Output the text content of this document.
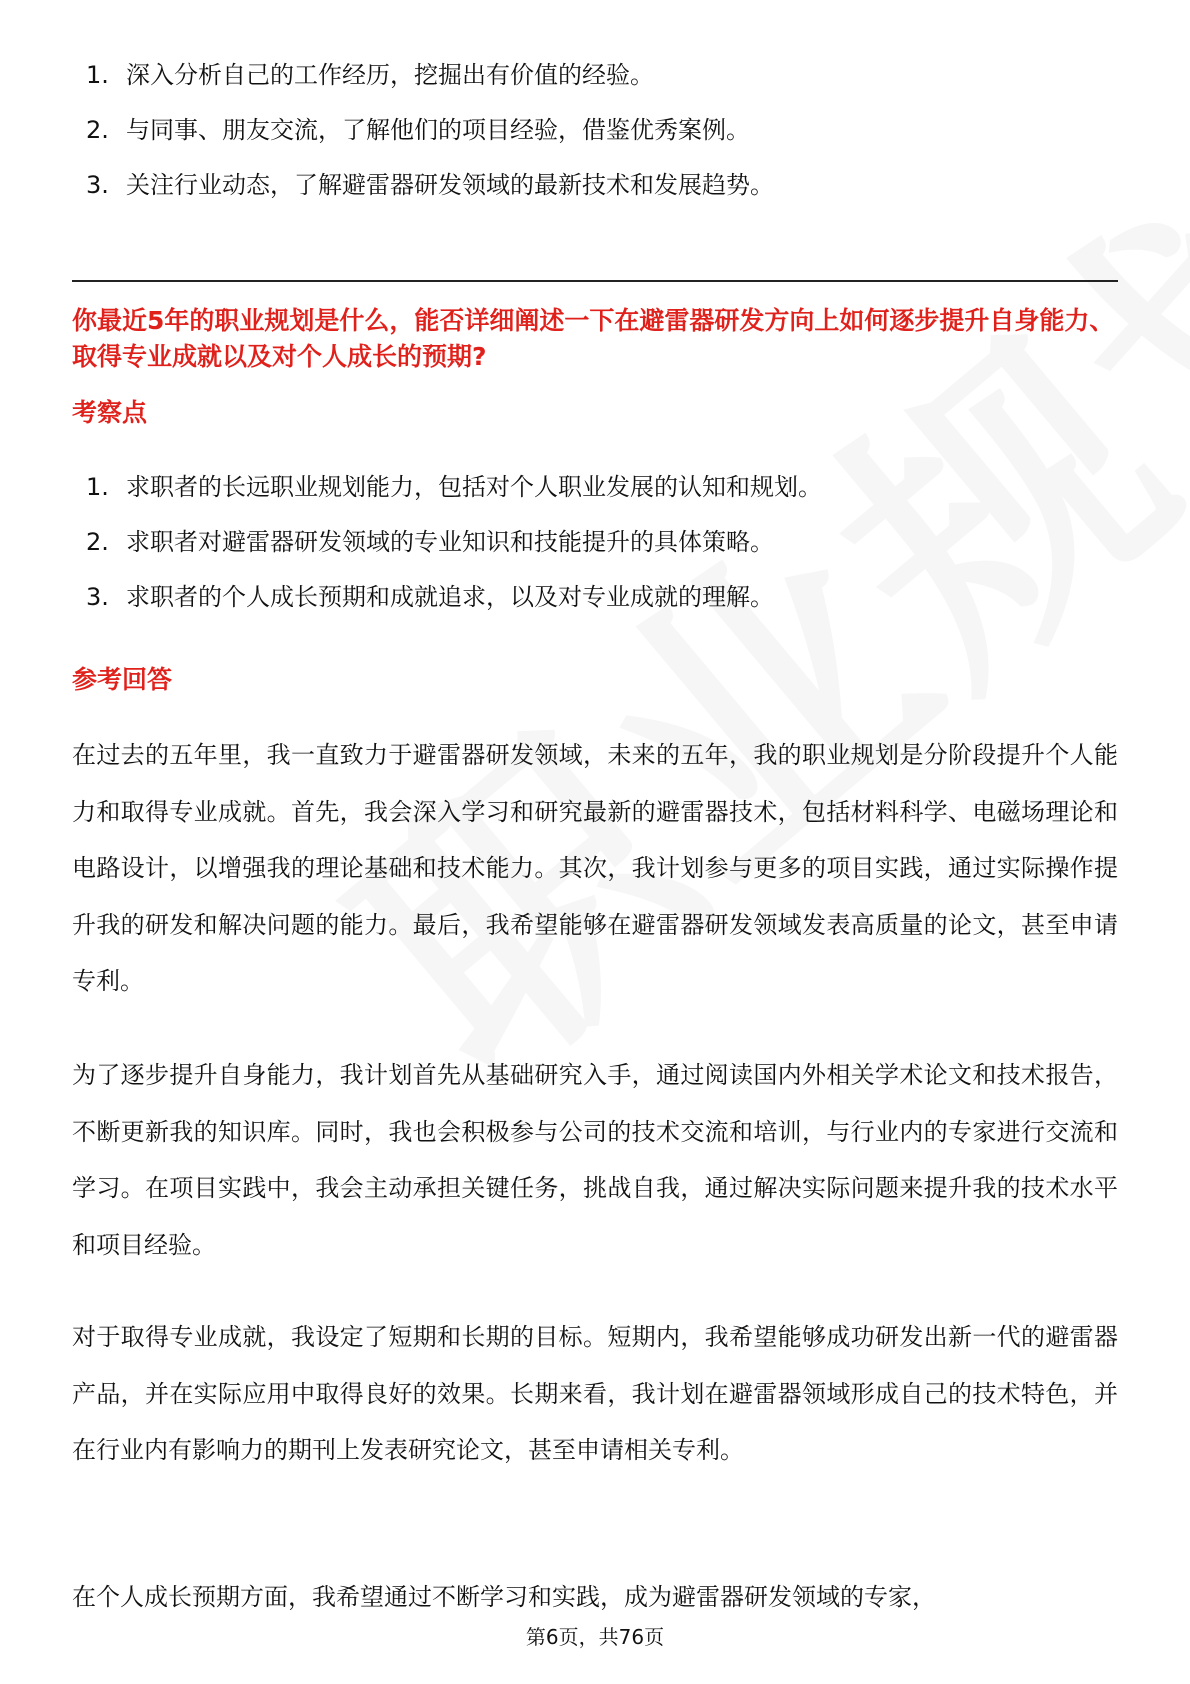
1. 深入分析自己的工作经历，挖掘出有价值的经验。
2. 与同事、朋友交流，了解他们的项目经验，借鉴优秀案例。
3. 关注行业动态，了解避雷器研发领域的最新技术和发展趋势。
你最近5年的职业规划是什么，能否详细阐述一下在避雷器研发方向上如何逐步提升自身能力、取得专业成就以及对个人成长的预期?
考察点
1. 求职者的长远职业规划能力，包括对个人职业发展的认知和规划。
2. 求职者对避雷器研发领域的专业知识和技能提升的具体策略。
3. 求职者的个人成长预期和成就追求，以及对专业成就的理解。
参考回答
在过去的五年里，我一直致力于避雷器研发领域，未来的五年，我的职业规划是分阶段提升个人能力和取得专业成就。首先，我会深入学习和研究最新的避雷器技术，包括材料科学、电磁场理论和电路设计，以增强我的理论基础和技术能力。其次，我计划参与更多的项目实践，通过实际操作提升我的研发和解决问题的能力。最后，我希望能够在避雷器研发领域发表高质量的论文，甚至申请专利。
为了逐步提升自身能力，我计划首先从基础研究入手，通过阅读国内外相关学术论文和技术报告，不断更新我的知识库。同时，我也会积极参与公司的技术交流和培训，与行业内的专家进行交流和学习。在项目实践中，我会主动承担关键任务，挑战自我，通过解决实际问题来提升我的技术水平和项目经验。
对于取得专业成就，我设定了短期和长期的目标。短期内，我希望能够成功研发出新一代的避雷器产品，并在实际应用中取得良好的效果。长期来看，我计划在避雷器领域形成自己的技术特色，并在行业内有影响力的期刊上发表研究论文，甚至申请相关专利。
在个人成长预期方面，我希望通过不断学习和实践，成为避雷器研发领域的专家，
第6页，共76页
